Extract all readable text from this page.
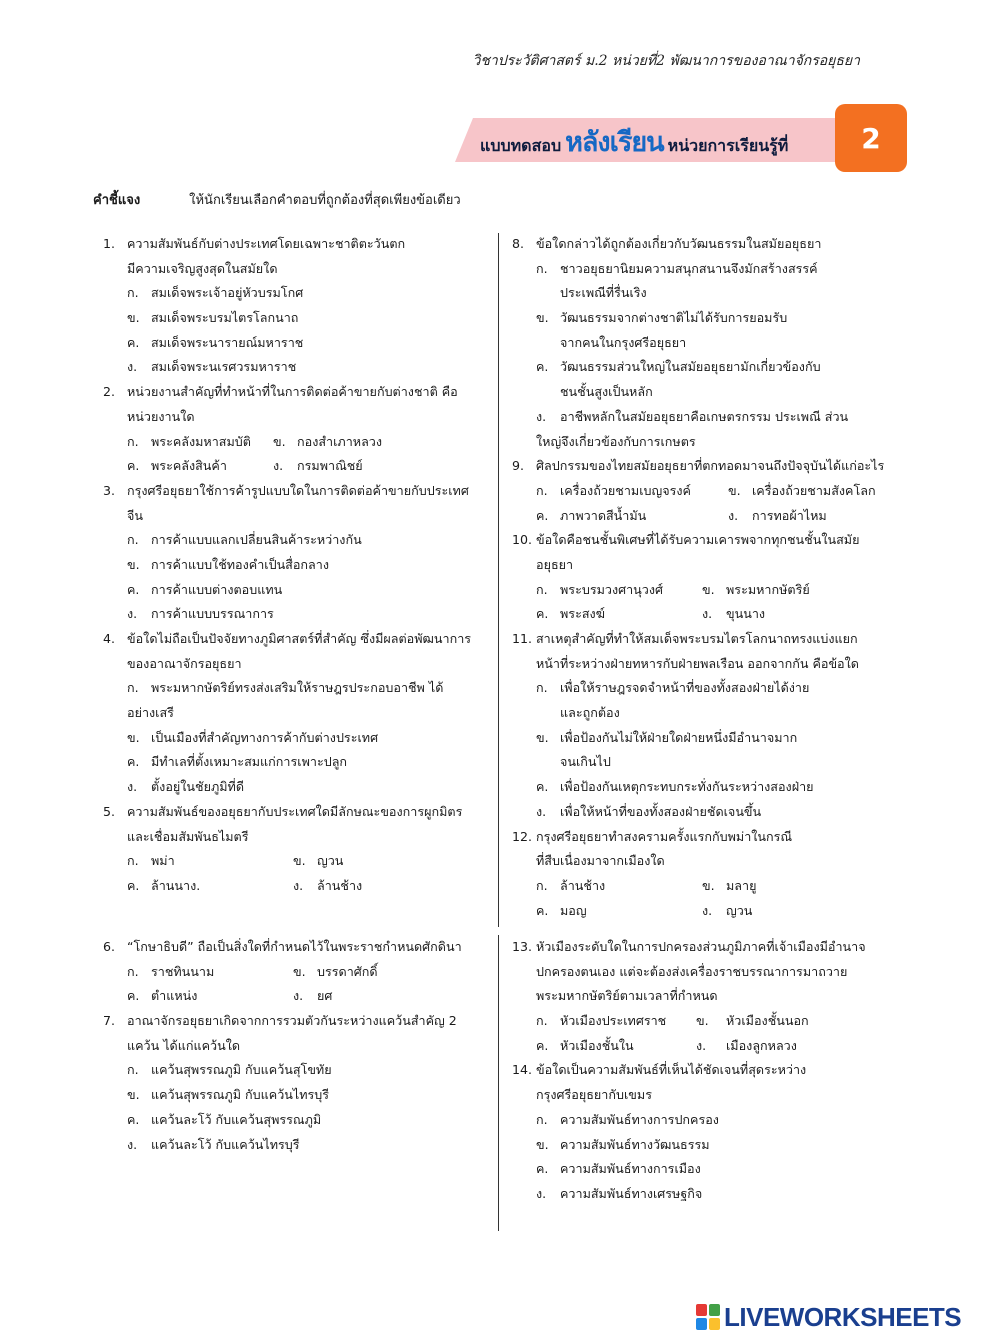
วิชาประวัติศาสตร์ ม.2 หน่วยที่2 พัฒนาการของอาณาจักรอยุธยา
แบบทดสอบ หลังเรียน หน่วยการเรียนรู้ที่	2
คำชี้แจง	ให้นักเรียนเลือกคำตอบที่ถูกต้องที่สุดเพียงข้อเดียว
1. ความสัมพันธ์กับต่างประเทศโดยเฉพาะชาติตะวันตก
มีความเจริญสูงสุดในสมัยใด
ก. สมเด็จพระเจ้าอยู่หัวบรมโกศ
ข. สมเด็จพระบรมไตรโลกนาถ
ค. สมเด็จพระนารายณ์มหาราช
ง.	สมเด็จพระนเรศวรมหาราช
2. หน่วยงานสำคัญที่ทำหน้าที่ในการติดต่อค้าขายกับต่างชาติ คือ
หน่วยงานใด
ก. พระคลังมหาสมบัติ ข. กองสำเภาหลวง
ค. พระคลังสินค้า	ง.	กรมพาณิชย์
3. กรุงศรีอยุธยาใช้การค้ารูปแบบใดในการติดต่อค้าขายกับประเทศ
จีน
ก. การค้าแบบแลกเปลี่ยนสินค้าระหว่างกัน
ข. การค้าแบบใช้ทองคำเป็นสื่อกลาง
ค. การค้าแบบต่างตอบแทน
ง.	การค้าแบบบรรณาการ
4. ข้อใดไม่ถือเป็นปัจจัยทางภูมิศาสตร์ที่สำคัญ ซึ่งมีผลต่อพัฒนาการ
ของอาณาจักรอยุธยา
ก. พระมหากษัตริย์ทรงส่งเสริมให้ราษฎรประกอบอาชีพ ได้
อย่างเสรี
ข. เป็นเมืองที่สำคัญทางการค้ากับต่างประเทศ
ค. มีทำเลที่ตั้งเหมาะสมแก่การเพาะปลูก
ง.	ตั้งอยู่ในชัยภูมิที่ดี
5. ความสัมพันธ์ของอยุธยากับประเทศใดมีลักษณะของการผูกมิตร
และเชื่อมสัมพันธไมตรี
ก. พม่า	ข. ญวน
ค. ล้านนาง.	ง.	ล้านช้าง
6. “โกษาธิบดี” ถือเป็นสิ่งใดที่กำหนดไว้ในพระราชกำหนดศักดินา
ก. ราชทินนาม	ข. บรรดาศักดิ์
ค. ตำแหน่ง	ง.	ยศ
7. อาณาจักรอยุธยาเกิดจากการรวมตัวกันระหว่างแคว้นสำคัญ 2
แคว้น ได้แก่แคว้นใด
ก. แคว้นสุพรรณภูมิ กับแคว้นสุโขทัย
ข. แคว้นสุพรรณภูมิ กับแคว้นไทรบุรี
ค. แคว้นละโว้ กับแคว้นสุพรรณภูมิ
ง.	แคว้นละโว้ กับแคว้นไทรบุรี
8. ข้อใดกล่าวได้ถูกต้องเกี่ยวกับวัฒนธรรมในสมัยอยุธยา
ก. ชาวอยุธยานิยมความสนุกสนานจึงมักสร้างสรรค์
ประเพณีที่รื่นเริง
ข. วัฒนธรรมจากต่างชาติไม่ได้รับการยอมรับ
จากคนในกรุงศรีอยุธยา
ค. วัฒนธรรมส่วนใหญ่ในสมัยอยุธยามักเกี่ยวข้องกับ
ชนชั้นสูงเป็นหลัก
ง.	อาชีพหลักในสมัยอยุธยาคือเกษตรกรรม ประเพณี ส่วน
ใหญ่จึงเกี่ยวข้องกับการเกษตร
9. ศิลปกรรมของไทยสมัยอยุธยาที่ตกทอดมาจนถึงปัจจุบันได้แก่อะไร
ก. เครื่องถ้วยชามเบญจรงค์	ข. เครื่องถ้วยชามสังคโลก
ค. ภาพวาดสีน้ำมัน	ง.	การทอผ้าไหม
10. ข้อใดคือชนชั้นพิเศษที่ได้รับความเคารพจากทุกชนชั้นในสมัย
อยุธยา
ก. พระบรมวงศานุวงศ์	ข. พระมหากษัตริย์
ค. พระสงฆ์	ง.	ขุนนาง
11. สาเหตุสำคัญที่ทำให้สมเด็จพระบรมไตรโลกนาถทรงแบ่งแยก
หน้าที่ระหว่างฝ่ายทหารกับฝ่ายพลเรือน ออกจากกัน คือข้อใด
ก. เพื่อให้ราษฎรจดจำหน้าที่ของทั้งสองฝ่ายได้ง่าย
และถูกต้อง
ข. เพื่อป้องกันไม่ให้ฝ่ายใดฝ่ายหนึ่งมีอำนาจมาก
จนเกินไป
ค. เพื่อป้องกันเหตุกระทบกระทั่งกันระหว่างสองฝ่าย
ง.	เพื่อให้หน้าที่ของทั้งสองฝ่ายชัดเจนขึ้น
12. กรุงศรีอยุธยาทำสงครามครั้งแรกกับพม่าในกรณี
ที่สืบเนื่องมาจากเมืองใด
ก. ล้านช้าง	ข. มลายู
ค. มอญ	ง.	ญวน
13. หัวเมืองระดับใดในการปกครองส่วนภูมิภาคที่เจ้าเมืองมีอำนาจ
ปกครองตนเอง แต่จะต้องส่งเครื่องราชบรรณาการมาถวาย
พระมหากษัตริย์ตามเวลาที่กำหนด
ก. หัวเมืองประเทศราช ข.	หัวเมืองชั้นนอก
ค. หัวเมืองชั้นใน	ง.	เมืองลูกหลวง
14. ข้อใดเป็นความสัมพันธ์ที่เห็นได้ชัดเจนที่สุดระหว่าง
กรุงศรีอยุธยากับเขมร
ก. ความสัมพันธ์ทางการปกครอง
ข. ความสัมพันธ์ทางวัฒนธรรม
ค. ความสัมพันธ์ทางการเมือง
ง.	ความสัมพันธ์ทางเศรษฐกิจ
LIVEWORKSHEETS
